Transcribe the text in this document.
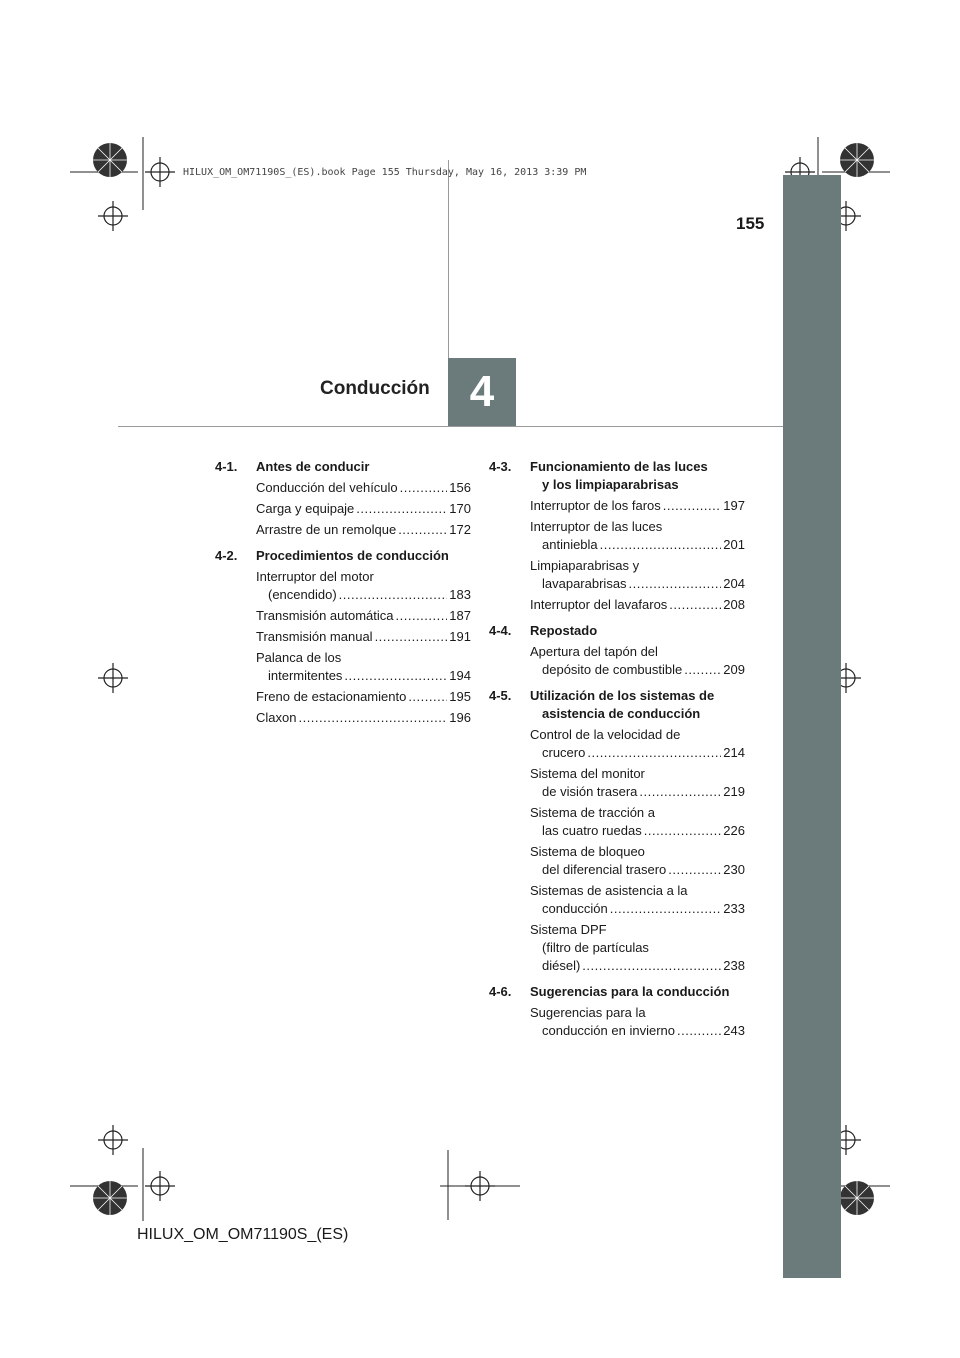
4
Conducción
155
HILUX_OM_OM71190S_(ES).book Page 155 Thursday, May 16, 2013 3:39 PM
4-1.	Antes de conducir
Conducción del vehículo .....	156
Carga y equipaje .....	170
Arrastre de un remolque .....	172
4-2.	Procedimientos de conducción
Interruptor del motor
(encendido) .....	183
Transmisión automática .....	187
Transmisión manual .....	191
Palanca de los
intermitentes .....	194
Freno de estacionamiento .....	195
Claxon .....	196
4-3.	Funcionamiento de las luces
y los limpiaparabrisas
Interruptor de los faros .....	197
Interruptor de las luces
antiniebla .....	201
Limpiaparabrisas y
lavaparabrisas .....	204
Interruptor del lavafaros .....	208
4-4.	Repostado
Apertura del tapón del
depósito de combustible .....	209
4-5.	Utilización de los sistemas de
asistencia de conducción
Control de la velocidad de
crucero .....	214
Sistema del monitor
de visión trasera .....	219
Sistema de tracción a
las cuatro ruedas .....	226
Sistema de bloqueo
del diferencial trasero .....	230
Sistemas de asistencia a la
conducción .....	233
Sistema DPF
(filtro de partículas
diésel) .....	238
4-6.	Sugerencias para la conducción
Sugerencias para la
conducción en invierno .....	243
HILUX_OM_OM71190S_(ES)
